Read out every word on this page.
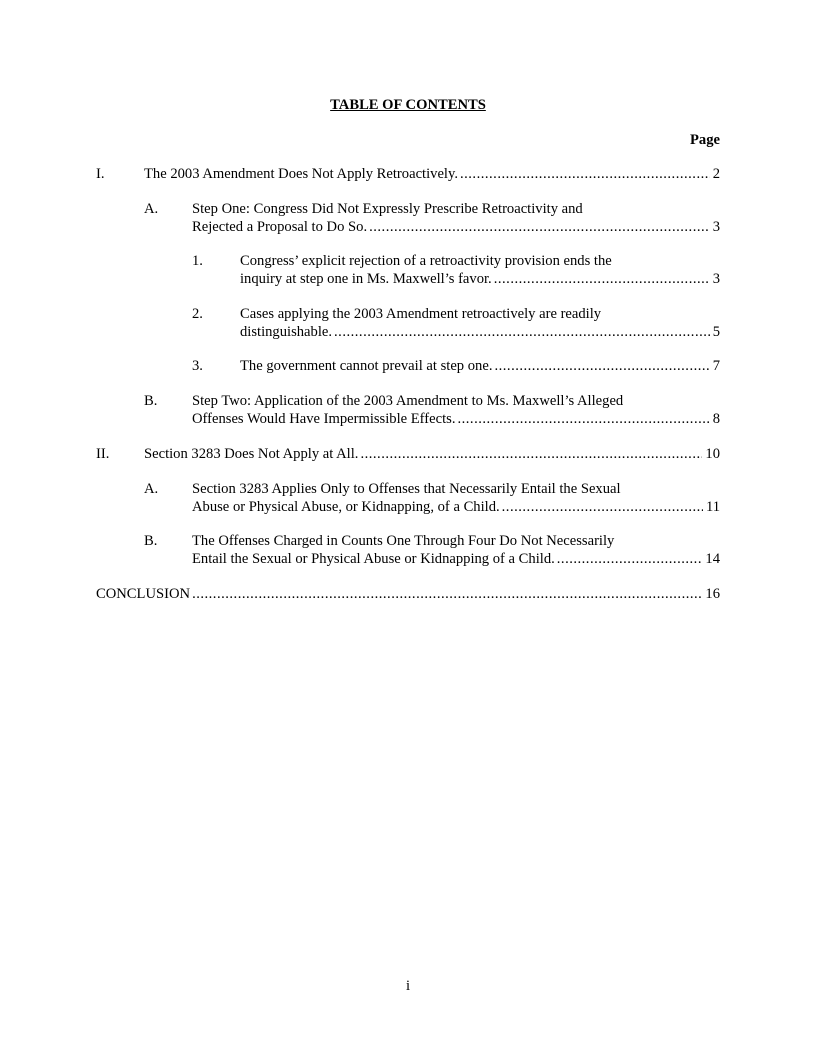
TABLE OF CONTENTS
Page
I.	The 2003 Amendment Does Not Apply Retroactively. .....	2
A. Step One: Congress Did Not Expressly Prescribe Retroactivity and
Rejected a Proposal to Do So. .....	3
1.	Congress’ explicit rejection of a retroactivity provision ends the
inquiry at step one in Ms. Maxwell’s favor. .....	3
2.	Cases applying the 2003 Amendment retroactively are readily
distinguishable. .....	5
3.	The government cannot prevail at step one. .....	7
B. Step Two: Application of the 2003 Amendment to Ms. Maxwell’s Alleged
Offenses Would Have Impermissible Effects. .....	8
II. Section 3283 Does Not Apply at All. .....	10
A. Section 3283 Applies Only to Offenses that Necessarily Entail the Sexual
Abuse or Physical Abuse, or Kidnapping, of a Child. .....	11
B. The Offenses Charged in Counts One Through Four Do Not Necessarily
Entail the Sexual or Physical Abuse or Kidnapping of a Child. .....	14
CONCLUSION .....	16
i
